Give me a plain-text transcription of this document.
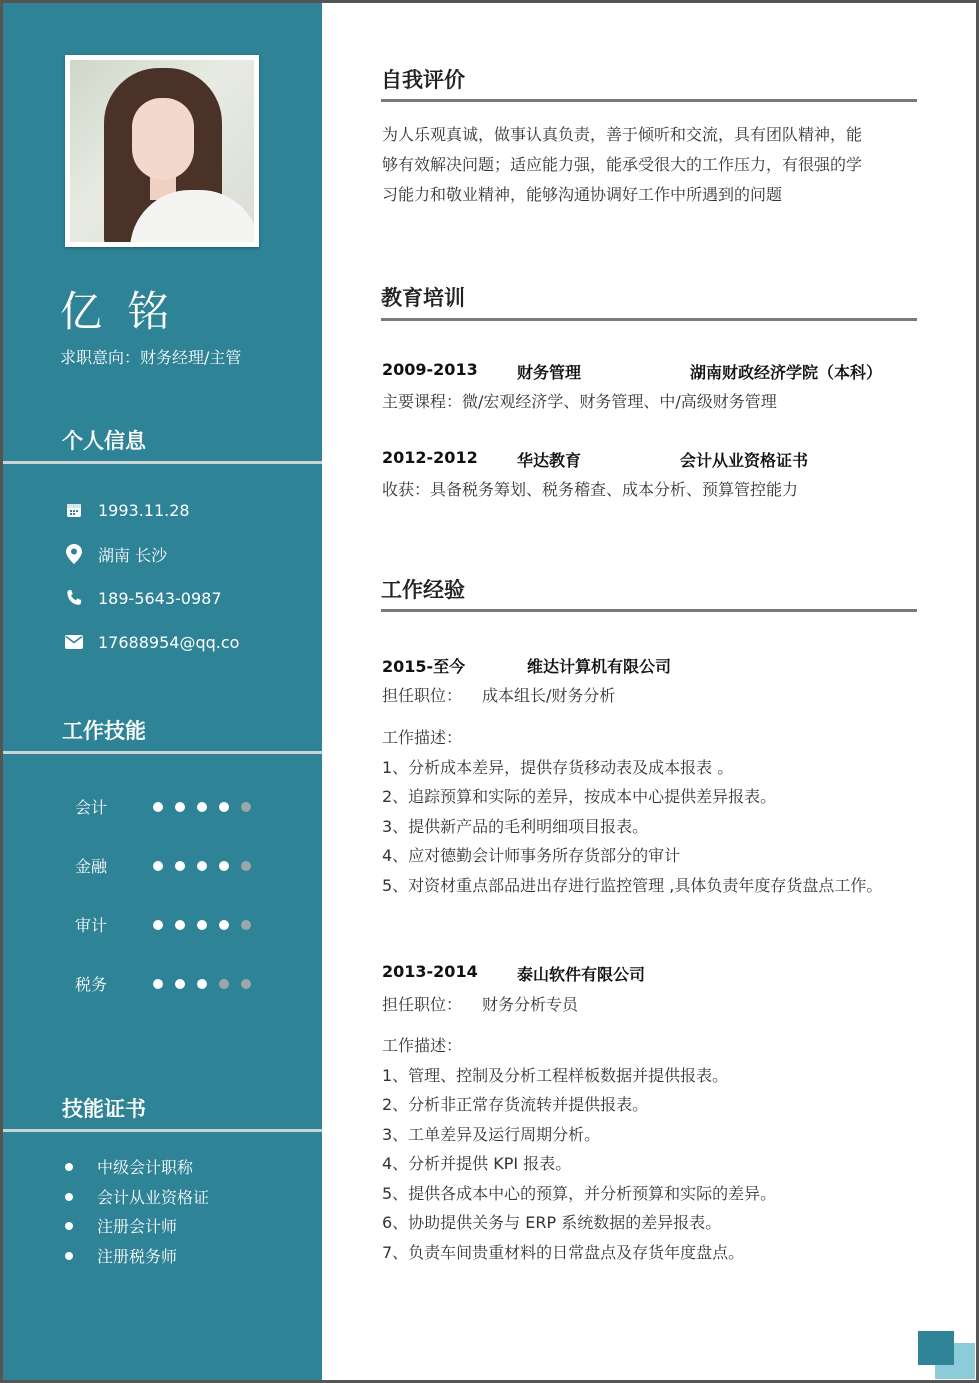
亿 铭
求职意向：财务经理/主管
个人信息
1993.11.28
湖南 长沙
189-5643-0987
17688954@qq.co
工作技能
会计
金融
审计
税务
技能证书
中级会计职称
会计从业资格证
注册会计师
注册税务师
自我评价
为人乐观真诚，做事认真负责，善于倾听和交流，具有团队精神，能
够有效解决问题；适应能力强，能承受很大的工作压力，有很强的学
习能力和敬业精神，能够沟通协调好工作中所遇到的问题
教育培训
2009-2013 财务管理	湖南财政经济学院（本科）
主要课程：微/宏观经济学、财务管理、中/高级财务管理
2012-2012 华达教育	会计从业资格证书
收获：具备税务筹划、税务稽查、成本分析、预算管控能力
工作经验
2015-至今	维达计算机有限公司
担任职位： 成本组长/财务分析
工作描述：
1、分析成本差异，提供存货移动表及成本报表 。
2、追踪预算和实际的差异，按成本中心提供差异报表。
3、提供新产品的毛利明细项目报表。
4、应对德勤会计师事务所存货部分的审计
5、对资材重点部品进出存进行监控管理 ,具体负责年度存货盘点工作。
2013-2014 泰山软件有限公司
担任职位： 财务分析专员
工作描述：
1、管理、控制及分析工程样板数据并提供报表。
2、分析非正常存货流转并提供报表。
3、工单差异及运行周期分析。
4、分析并提供 KPI 报表。
5、提供各成本中心的预算，并分析预算和实际的差异。
6、协助提供关务与 ERP 系统数据的差异报表。
7、负责车间贵重材料的日常盘点及存货年度盘点。
